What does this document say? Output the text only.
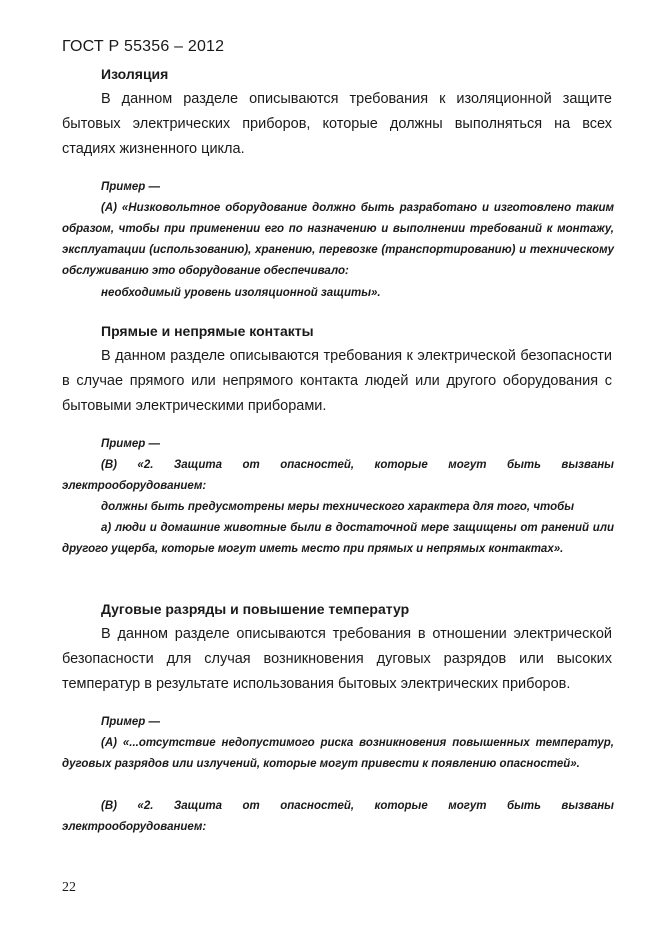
ГОСТ Р 55356 – 2012
Изоляция

В данном разделе описываются требования к изоляционной защите бытовых электрических приборов, которые должны выполняться на всех стадиях жизненного цикла.

Пример —

(А) «Низковольтное оборудование должно быть разработано и изготовлено таким образом, чтобы при применении его по назначению и выполнении требований к монтажу, эксплуатации (использованию), хранению, перевозке (транспортированию) и техническому обслуживанию это оборудование обеспечивало:

необходимый уровень изоляционной защиты».
Прямые и непрямые контакты

В данном разделе описываются требования к электрической безопасности в случае прямого или непрямого контакта людей или другого оборудования с бытовыми электрическими приборами.

Пример —

(В) «2. Защита от опасностей, которые могут быть вызваны электрооборудованием:

должны быть предусмотрены меры технического характера для того, чтобы

а) люди и домашние животные были в достаточной мере защищены от ранений или другого ущерба, которые могут иметь место при прямых и непрямых контактах».

Дуговые разряды и повышение температур

В данном разделе описываются требования в отношении электрической безопасности для случая возникновения дуговых разрядов или высоких температур в результате использования бытовых электрических приборов.

Пример —

(А) «...отсутствие недопустимого риска возникновения повышенных температур, дуговых разрядов или излучений, которые могут привести к появлению опасностей».

(В) «2. Защита от опасностей, которые могут быть вызваны электрооборудованием:

22
